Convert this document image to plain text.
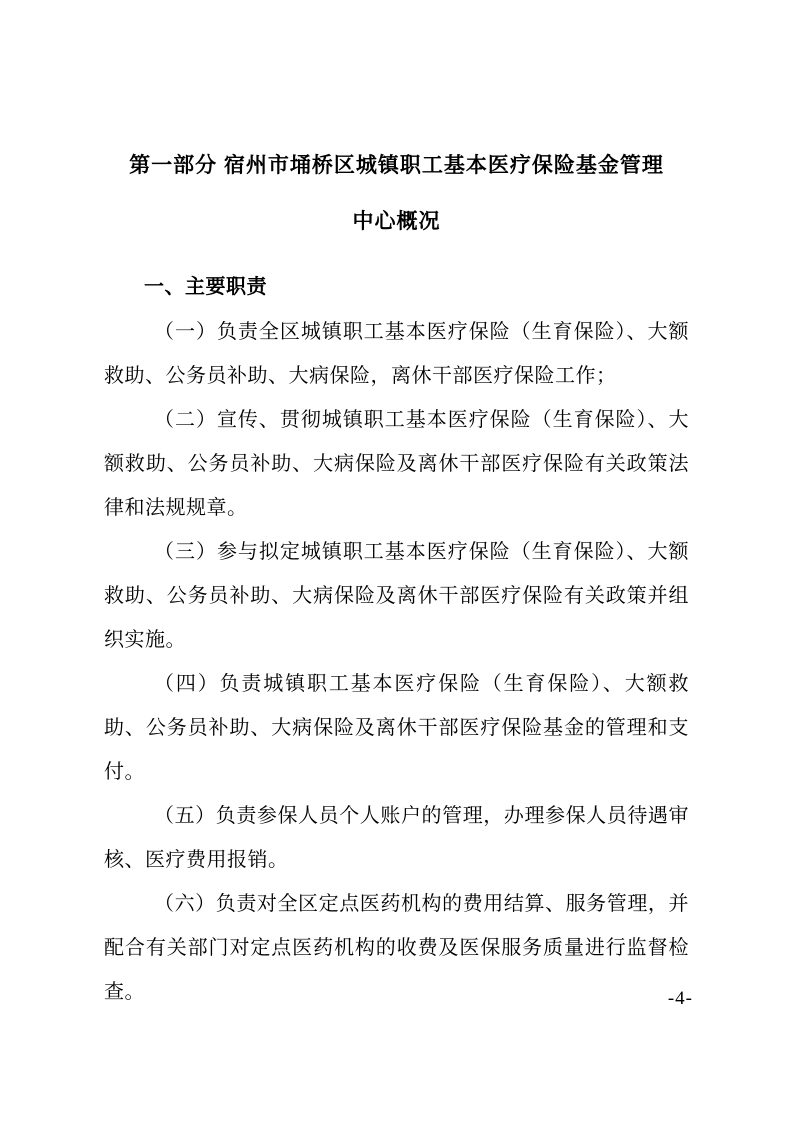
第一部分 宿州市埇桥区城镇职工基本医疗保险基金管理
中心概况
一、主要职责

（一）负责全区城镇职工基本医疗保险（生育保险）、大额救助、公务员补助、大病保险，离休干部医疗保险工作；

（二）宣传、贯彻城镇职工基本医疗保险（生育保险）、大额救助、公务员补助、大病保险及离休干部医疗保险有关政策法律和法规规章。

（三）参与拟定城镇职工基本医疗保险（生育保险）、大额救助、公务员补助、大病保险及离休干部医疗保险有关政策并组织实施。

（四）负责城镇职工基本医疗保险（生育保险）、大额救助、公务员补助、大病保险及离休干部医疗保险基金的管理和支付。

（五）负责参保人员个人账户的管理，办理参保人员待遇审核、医疗费用报销。

（六）负责对全区定点医药机构的费用结算、服务管理，并配合有关部门对定点医药机构的收费及医保服务质量进行监督检查。	-4-
